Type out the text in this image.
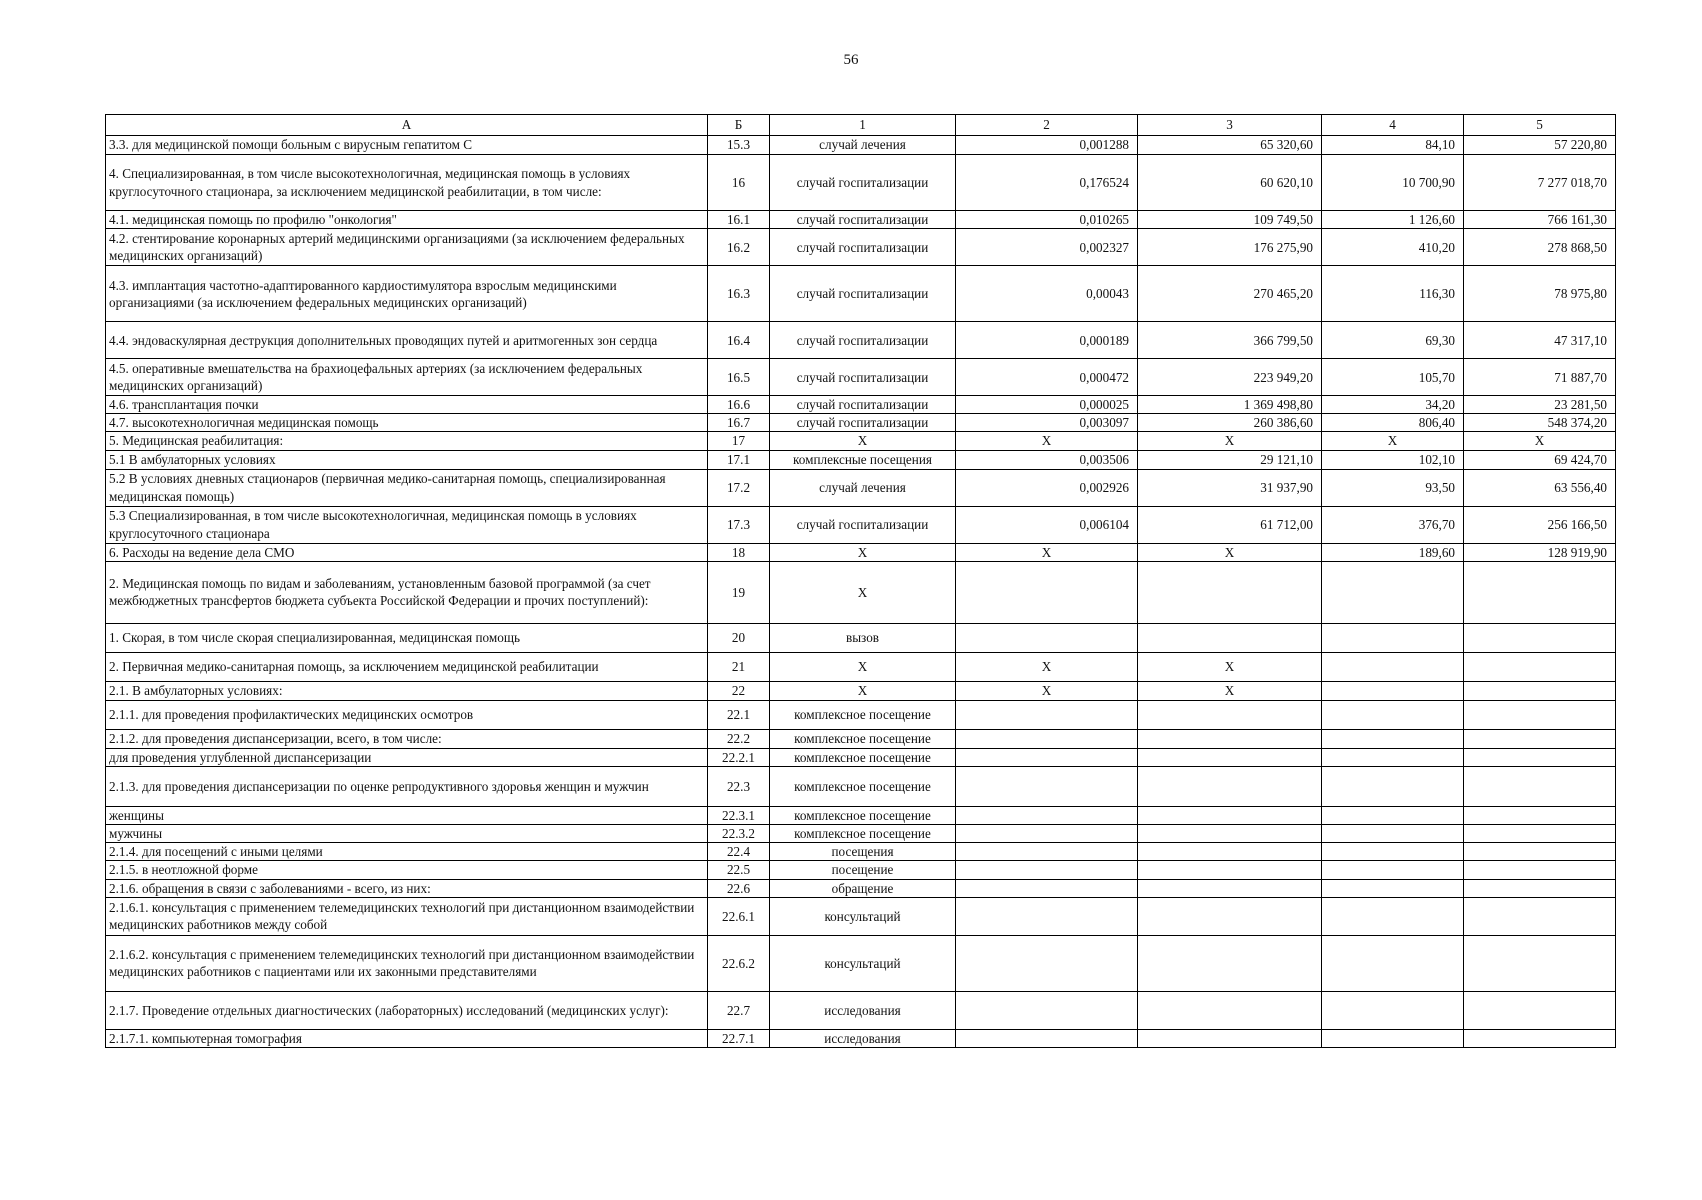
56
А	Б	1	2	3	4	5
3.3. для медицинской помощи больным с вирусным гепатитом С	15.3	случай лечения	0,001288	65 320,60	84,10	57 220,80
4. Специализированная, в том числе высокотехнологичная, медицинская помощь в условиях круглосуточного стационара, за исключением медицинской реабилитации, в том числе:	16	случай госпитализации	0,176524	60 620,10	10 700,90	7 277 018,70
4.1. медицинская помощь по профилю "онкология"	16.1	случай госпитализации	0,010265	109 749,50	1 126,60	766 161,30
4.2. стентирование коронарных артерий медицинскими организациями (за исключением федеральных медицинских организаций)	16.2	случай госпитализации	0,002327	176 275,90	410,20	278 868,50
4.3. имплантация частотно-адаптированного кардиостимулятора взрослым медицинскими организациями (за исключением федеральных медицинских организаций)	16.3	случай госпитализации	0,00043	270 465,20	116,30	78 975,80
4.4. эндоваскулярная деструкция дополнительных проводящих путей и аритмогенных зон сердца	16.4	случай госпитализации	0,000189	366 799,50	69,30	47 317,10
4.5. оперативные вмешательства на брахиоцефальных артериях (за исключением федеральных медицинских организаций)	16.5	случай госпитализации	0,000472	223 949,20	105,70	71 887,70
4.6. трансплантация почки	16.6	случай госпитализации	0,000025	1 369 498,80	34,20	23 281,50
4.7. высокотехнологичная медицинская помощь	16.7	случай госпитализации	0,003097	260 386,60	806,40	548 374,20
5. Медицинская реабилитация:	17	X	X	X	X	X
5.1 В амбулаторных условиях	17.1	комплексные посещения	0,003506	29 121,10	102,10	69 424,70
5.2 В условиях дневных стационаров (первичная медико-санитарная помощь, специализированная медицинская помощь)	17.2	случай лечения	0,002926	31 937,90	93,50	63 556,40
5.3 Специализированная, в том числе высокотехнологичная, медицинская помощь в условиях круглосуточного стационара	17.3	случай госпитализации	0,006104	61 712,00	376,70	256 166,50
6. Расходы на ведение дела СМО	18	X	X	X	189,60	128 919,90
2. Медицинская помощь по видам и заболеваниям, установленным базовой программой (за счет межбюджетных трансфертов бюджета субъекта Российской Федерации и прочих поступлений):	19	X				
1. Скорая, в том числе скорая специализированная, медицинская помощь	20	вызов				
2. Первичная медико-санитарная помощь, за исключением медицинской реабилитации	21	X	X	X		
2.1. В амбулаторных условиях:	22	X	X	X		
2.1.1. для проведения профилактических медицинских осмотров	22.1	комплексное посещение				
2.1.2. для проведения диспансеризации, всего, в том числе:	22.2	комплексное посещение				
для проведения углубленной диспансеризации	22.2.1	комплексное посещение				
2.1.3. для проведения диспансеризации по оценке репродуктивного здоровья женщин и мужчин	22.3	комплексное посещение				
женщины	22.3.1	комплексное посещение				
мужчины	22.3.2	комплексное посещение				
2.1.4. для посещений с иными целями	22.4	посещения				
2.1.5. в неотложной форме	22.5	посещение				
2.1.6. обращения в связи с заболеваниями - всего, из них:	22.6	обращение				
2.1.6.1. консультация с применением телемедицинских технологий при дистанционном взаимодействии медицинских работников между собой	22.6.1	консультаций				
2.1.6.2. консультация с применением телемедицинских технологий при дистанционном взаимодействии медицинских работников с пациентами или их законными представителями	22.6.2	консультаций				
2.1.7. Проведение отдельных диагностических (лабораторных) исследований (медицинских услуг):	22.7	исследования				
2.1.7.1. компьютерная томография	22.7.1	исследования				
